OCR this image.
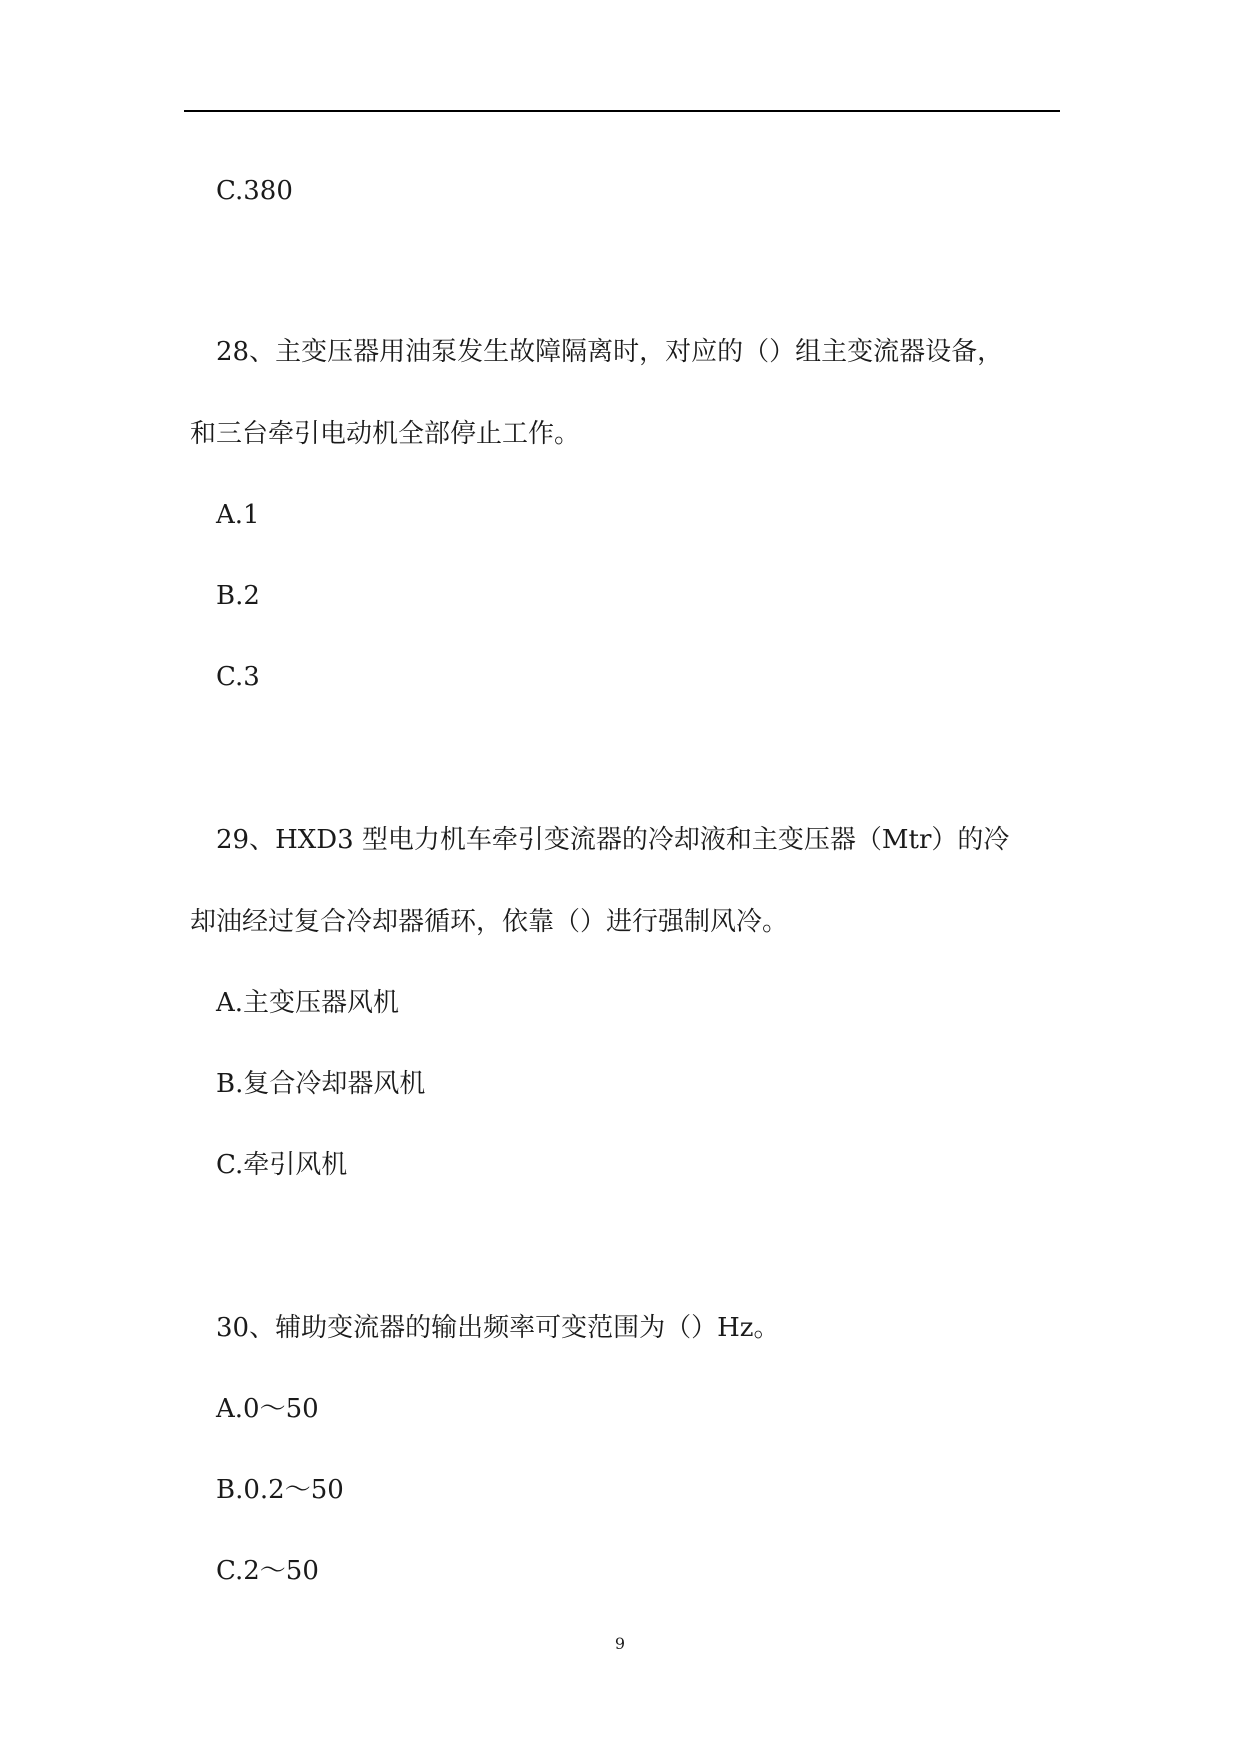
C.380
28、主变压器用油泵发生故障隔离时，对应的（）组主变流器设备，
和三台牵引电动机全部停止工作。
A.1
B.2
C.3
29、HXD3 型电力机车牵引变流器的冷却液和主变压器（Mtr）的冷
却油经过复合冷却器循环，依靠（）进行强制风冷。
A.主变压器风机
B.复合冷却器风机
C.牵引风机
30、辅助变流器的输出频率可变范围为（）Hz。
A.0～50
B.0.2～50
C.2～50
9
